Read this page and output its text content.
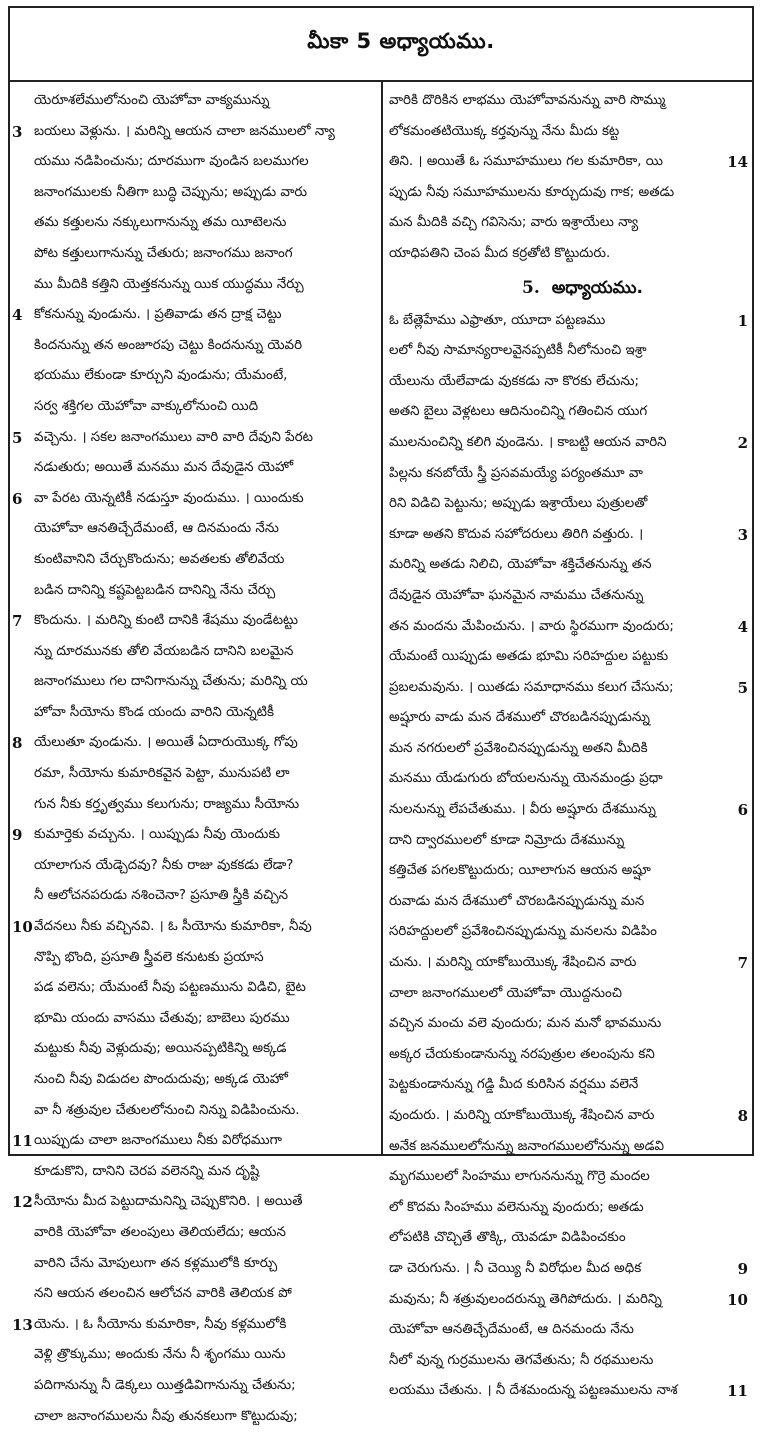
మీకా 5 అధ్యాయము.
యెరూశలేములోనుంచి యెహోవా వాక్యమున్ను
3 బయలు వెళ్లును. । మరిన్ని ఆయన చాలా జనములలో న్యా
యము నడిపించును; దూరముగా వుండిన బలముగల
జనాంగములకు నీతిగా బుద్ధి చెప్పును; అప్పుడు వారు
తమ కత్తులను నక్కులుగానున్ను తమ యీటెలను
పోట కత్తులుగానున్ను చేతురు; జనాంగము జనాంగ
ము మీదికి కత్తిని యెత్తకనున్ను యిక యుద్ధము నేర్చు
4 కోకనున్ను వుండును. । ప్రతివాడు తన ద్రాక్ష చెట్టు
కిందనున్ను తన అంజూరపు చెట్టు కిందనున్ను యెవరి
భయము లేకుండా కూర్చుని వుండును; యేమంటే,
సర్వ శక్తిగల యెహోవా వాక్కులోనుంచి యిది
5 వచ్చెను. । సకల జనాంగములు వారి వారి దేవుని పేరట
నడుతురు; అయితే మనము మన దేవుడైన యెహో
6 వా పేరట యెన్నటికీ నడుస్తూ వుందుము. । యిందుకు
యెహోవా ఆనతిచ్చేదేమంటే, ఆ దినమందు నేను
కుంటివానిని చేర్చుకొందును; అవతలకు తోలివేయ
బడిన దానిన్ని కష్టపెట్టబడిన దానిన్ని నేను చేర్చు
7 కొందును. । మరిన్ని కుంటి దానికి శేషము వుండేటట్టు
న్ను దూరమునకు తోలి వేయబడిన దానిని బలమైన
జనాంగములు గల దానిగానున్ను చేతును; మరిన్ని య
హోవా సీయోను కొండ యందు వారిని యెన్నటికీ
8 యేలుతూ వుండును. । అయితే ఏదారుయొక్క గోపు
రమా, సీయోను కుమారికవైన పెట్టా, మునుపటి లా
గున నీకు కర్తృత్వము కలుగును; రాజ్యము సీయోను
9 కుమార్తెకు వచ్చును. । యిప్పుడు నీవు యెందుకు
యాలాగున యేడ్చెదవు? నీకు రాజు వుకకడు లేడా?
నీ ఆలోచనపరుడు నశించెనా? ప్రసూతి స్త్రీకి వచ్చిన
10 వేదనలు నీకు వచ్చినవి. । ఓ సీయోను కుమారికా, నీవు
నొప్పి భొంది, ప్రసూతి స్త్రీవలె కనుటకు ప్రయాస
పడ వలెను; యేమంటే నీవు పట్టణమును విడిచి, బైట
భూమి యందు వాసము చేతువు; బాబెలు పురము
మట్టుకు నీవు వెళ్లుదువు; అయినప్పటికిన్ని అక్కడ
నుంచి నీవు విడుదల పొందుదువు; అక్కడ యెహో
వా నీ శత్రువుల చేతులలోనుంచి నిన్ను విడిపించును.
11 యిప్పుడు చాలా జనాంగములు నీకు విరోధముగా
కూడుకొని, దానిని చెరప వలెనన్ని మన దృష్టి
12 సీయోను మీద పెట్టుదామనిన్ని చెప్పుకొనిరి. । అయితే
వారికి యెహోవా తలంపులు తెలియలేదు; ఆయన
వారిని చేను మోపులుగా తన కళ్లములోకి కూర్చు
నని ఆయన తలంచిన ఆలోచన వారికి తెలియక పో
13 యెను. । ఓ సీయోను కుమారికా, నీవు కళ్లములోకి
వెళ్లి త్రొక్కుము; అందుకు నేను నీ శృంగము యిను
పదిగానున్ను నీ డెక్కలు యిత్తడివిగానున్ను చేతును;
చాలా జనాంగములను నీవు తునకలుగా కొట్టుదువు;
వారికి దొరికిన లాభము యెహోవావనున్ను వారి సొమ్ము
లోకమంతటియొక్క కర్తవున్ను నేను మీదు కట్ట
14
తిని. । అయితే ఓ సమూహములు గల కుమారికా, యి
ప్పుడు నీవు సమూహములను కూర్చుదువు గాక; అతడు
మన మీదికి వచ్చి గవిసెను; వారు ఇశ్రాయేలు న్యా
యాధిపతిని చెంప మీద కర్రతోటి కొట్టుదురు.
5. అధ్యాయము.
1
ఓ బేత్లెహేము ఎఫ్రాతూ, యూదా పట్టణము
లలో నీవు సామాన్యరాలవైనప్పటికీ నీలోనుంచి ఇశ్రా
యేలును యేలేవాడు వుకకడు నా కొరకు లేచును;
అతని బైలు వెళ్లటలు ఆదినుంచిన్ని గతించిన యుగ
2
ములనుంచిన్ని కలిగి వుండెను. । కాబట్టి ఆయన వారిని
పిల్లను కనబోయే స్త్రీ ప్రసవమయ్యే పర్యంతమూ వా
రిని విడిచి పెట్టును; అప్పుడు ఇశ్రాయేలు పుత్రులతో
3
కూడా అతని కొదువ సహోదరులు తిరిగి వత్తురు. ।
మరిన్ని అతడు నిలిచి, యెహోవా శక్తిచేతనున్ను తన
దేవుడైన యెహోవా ఘనమైన నామము చేతనున్ను
4
తన మందను మేపించును. । వారు స్థిరముగా వుందురు;
యేమంటే యిప్పుడు అతడు భూమి సరిహద్దుల పట్టుకు
5
ప్రబలమవును. । యితడు సమాధానము కలుగ చేసును;
అష్షూరు వాడు మన దేశములో చొరబడినప్పుడున్ను
మన నగరులలో ప్రవేశించినప్పుడున్ను అతని మీదికి
మనము యేడుగురు బోయలనున్ను యెనమండ్రు ప్రధా
6
నులనున్ను లేపచేతుము. । వీరు అష్షూరు దేశమున్ను
దాని ద్వారములలో కూడా నిమ్రోదు దేశమున్ను
కత్తిచేత పగలకొట్టుదురు; యీలాగున ఆయన అష్షూ
రువాడు మన దేశములో చొరబడినప్పుడున్ను మన
సరిహద్దులలో ప్రవేశించినప్పుడున్ను మనలను విడిపిం
7
చును. । మరిన్ని యాకోబుయొక్క శేషించిన వారు
చాలా జనాంగములలో యెహోవా యొద్దనుంచి
వచ్చిన మంచు వలె వుందురు; మన మనో భావమును
అక్కర చేయకుండానున్ను నరపుత్రుల తలంపును కని
పెట్టకుండానున్ను గడ్డి మీద కురిసిన వర్షము వలెనే
8
వుందురు. । మరిన్ని యాకోబుయొక్క శేషించిన వారు
అనేక జనములలోనున్ను జనాంగములలోనున్ను అడవి
మృగములలో సింహము లాగుననున్ను గొర్రె మందల
లో కొదమ సింహము వలెనున్ను వుందురు; అతడు
లోపటికి చొచ్చితే తొక్కి, యెవడూ విడిపించకుం
9
డా చెరుగును. । నీ చెయ్యి నీ విరోధుల మీద అధిక
10
మవును; నీ శత్రువులందరున్ను తెగిపోదురు. । మరిన్ని
యెహోవా ఆనతిచ్చేదేమంటే, ఆ దినమందు నేను
నీలో వున్న గుర్రములను తెగవేతును; నీ రథములను
11
లయము చేతును. । నీ దేశమందున్న పట్టణములను నాశ
